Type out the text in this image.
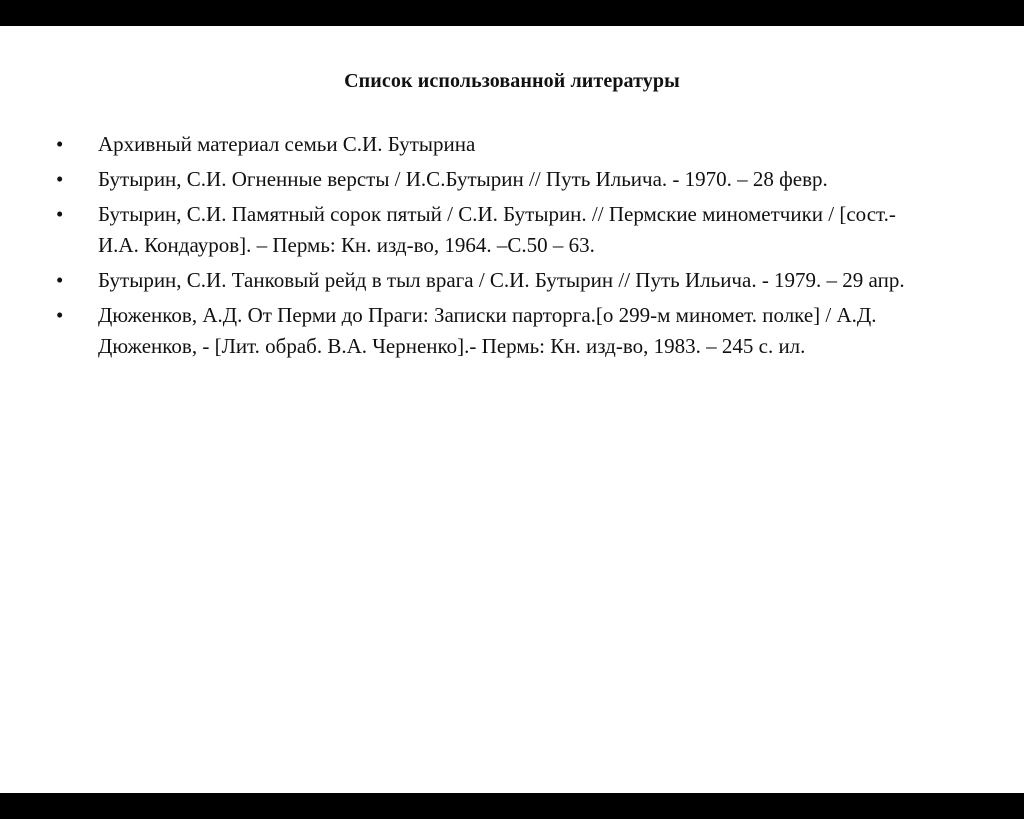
Список использованной литературы
• Архивный материал семьи С.И. Бутырина
• Бутырин, С.И. Огненные версты / И.С.Бутырин // Путь Ильича. - 1970. – 28 февр.
• Бутырин, С.И. Памятный сорок пятый / С.И. Бутырин. // Пермские минометчики / [сост.-И.А. Кондауров]. – Пермь: Кн. изд-во, 1964. –С.50 – 63.
• Бутырин, С.И. Танковый рейд в тыл врага / С.И. Бутырин // Путь Ильича. - 1979. – 29 апр.
• Дюженков, А.Д. От Перми до Праги: Записки парторга.[о 299-м миномет. полке] / А.Д. Дюженков, - [Лит. обраб. В.А. Черненко].- Пермь: Кн. изд-во, 1983. – 245 с. ил.
